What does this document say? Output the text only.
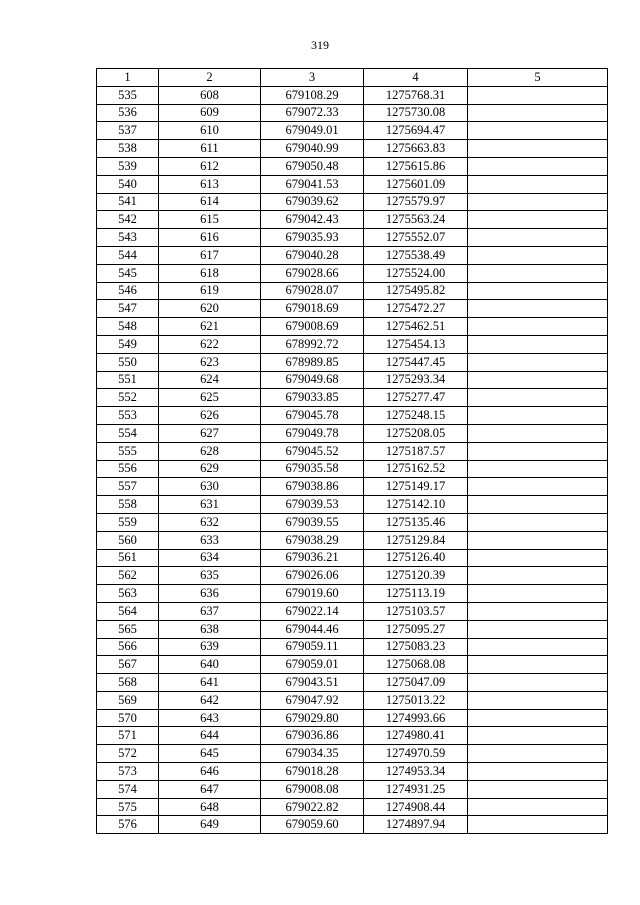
319
1	2	3	4	5
535	608	679108.29	1275768.31	
536	609	679072.33	1275730.08	
537	610	679049.01	1275694.47	
538	611	679040.99	1275663.83	
539	612	679050.48	1275615.86	
540	613	679041.53	1275601.09	
541	614	679039.62	1275579.97	
542	615	679042.43	1275563.24	
543	616	679035.93	1275552.07	
544	617	679040.28	1275538.49	
545	618	679028.66	1275524.00	
546	619	679028.07	1275495.82	
547	620	679018.69	1275472.27	
548	621	679008.69	1275462.51	
549	622	678992.72	1275454.13	
550	623	678989.85	1275447.45	
551	624	679049.68	1275293.34	
552	625	679033.85	1275277.47	
553	626	679045.78	1275248.15	
554	627	679049.78	1275208.05	
555	628	679045.52	1275187.57	
556	629	679035.58	1275162.52	
557	630	679038.86	1275149.17	
558	631	679039.53	1275142.10	
559	632	679039.55	1275135.46	
560	633	679038.29	1275129.84	
561	634	679036.21	1275126.40	
562	635	679026.06	1275120.39	
563	636	679019.60	1275113.19	
564	637	679022.14	1275103.57	
565	638	679044.46	1275095.27	
566	639	679059.11	1275083.23	
567	640	679059.01	1275068.08	
568	641	679043.51	1275047.09	
569	642	679047.92	1275013.22	
570	643	679029.80	1274993.66	
571	644	679036.86	1274980.41	
572	645	679034.35	1274970.59	
573	646	679018.28	1274953.34	
574	647	679008.08	1274931.25	
575	648	679022.82	1274908.44	
576	649	679059.60	1274897.94	
